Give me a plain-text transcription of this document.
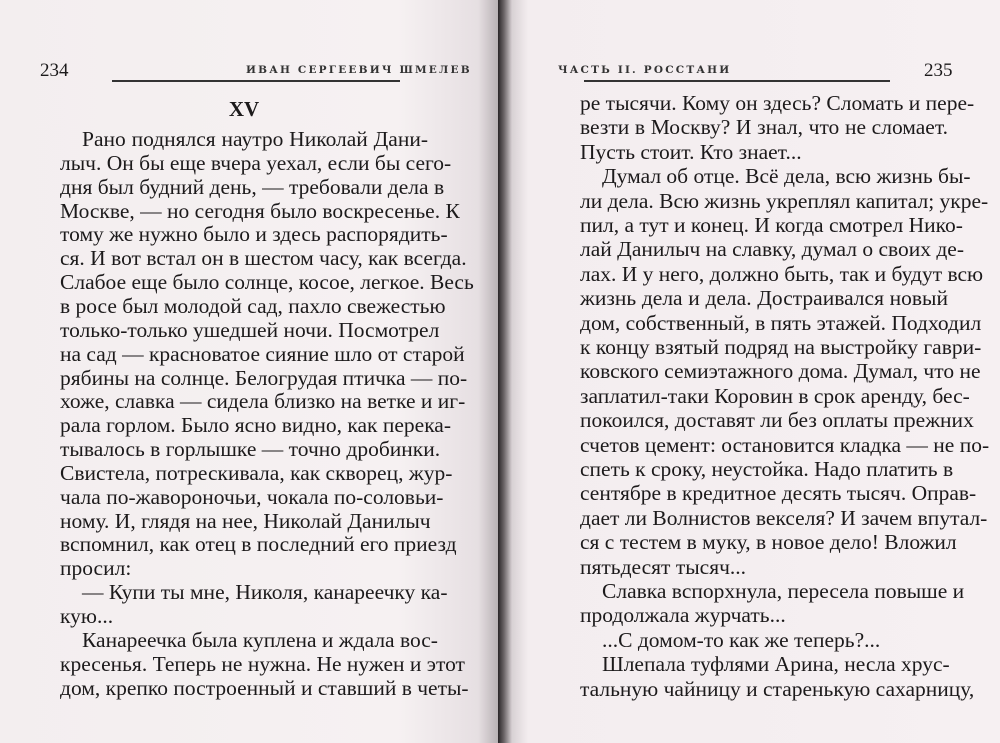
234	ИВАН СЕРГЕЕВИЧ ШМЕЛЕВ
XV
Рано поднялся наутро Николай Дани-
лыч. Он бы еще вчера уехал, если бы сего-
дня был будний день, — требовали дела в
Москве, — но сегодня было воскресенье. К
тому же нужно было и здесь распорядить-
ся. И вот встал он в шестом часу, как всегда.
Слабое еще было солнце, косое, легкое. Весь
в росе был молодой сад, пахло свежестью
только-только ушедшей ночи. Посмотрел
на сад — красноватое сияние шло от старой
рябины на солнце. Белогрудая птичка — по-
хоже, славка — сидела близко на ветке и иг-
рала горлом. Было ясно видно, как перека-
тывалось в горлышке — точно дробинки.
Свистела, потрескивала, как скворец, жур-
чала по-жавороночьи, чокала по-соловьи-
ному. И, глядя на нее, Николай Данилыч
вспомнил, как отец в последний его приезд
просил:
— Купи ты мне, Николя, канареечку ка-
кую...
Канареечка была куплена и ждала вос-
кресенья. Теперь не нужна. Не нужен и этот
дом, крепко построенный и ставший в четы-
ЧАСТЬ II. РОССТАНИ	235
ре тысячи. Кому он здесь? Сломать и пере-
везти в Москву? И знал, что не сломает.
Пусть стоит. Кто знает...
Думал об отце. Всё дела, всю жизнь бы-
ли дела. Всю жизнь укреплял капитал; укре-
пил, а тут и конец. И когда смотрел Нико-
лай Данилыч на славку, думал о своих де-
лах. И у него, должно быть, так и будут всю
жизнь дела и дела. Достраивался новый
дом, собственный, в пять этажей. Подходил
к концу взятый подряд на выстройку гаври-
ковского семиэтажного дома. Думал, что не
заплатил-таки Коровин в срок аренду, бес-
покоился, доставят ли без оплаты прежних
счетов цемент: остановится кладка — не по-
спеть к сроку, неустойка. Надо платить в
сентябре в кредитное десять тысяч. Оправ-
дает ли Волнистов векселя? И зачем впутал-
ся с тестем в муку, в новое дело! Вложил
пятьдесят тысяч...
Славка вспорхнула, пересела повыше и
продолжала журчать...
...С домом-то как же теперь?...
Шлепала туфлями Арина, несла хрус-
тальную чайницу и старенькую сахарницу,
